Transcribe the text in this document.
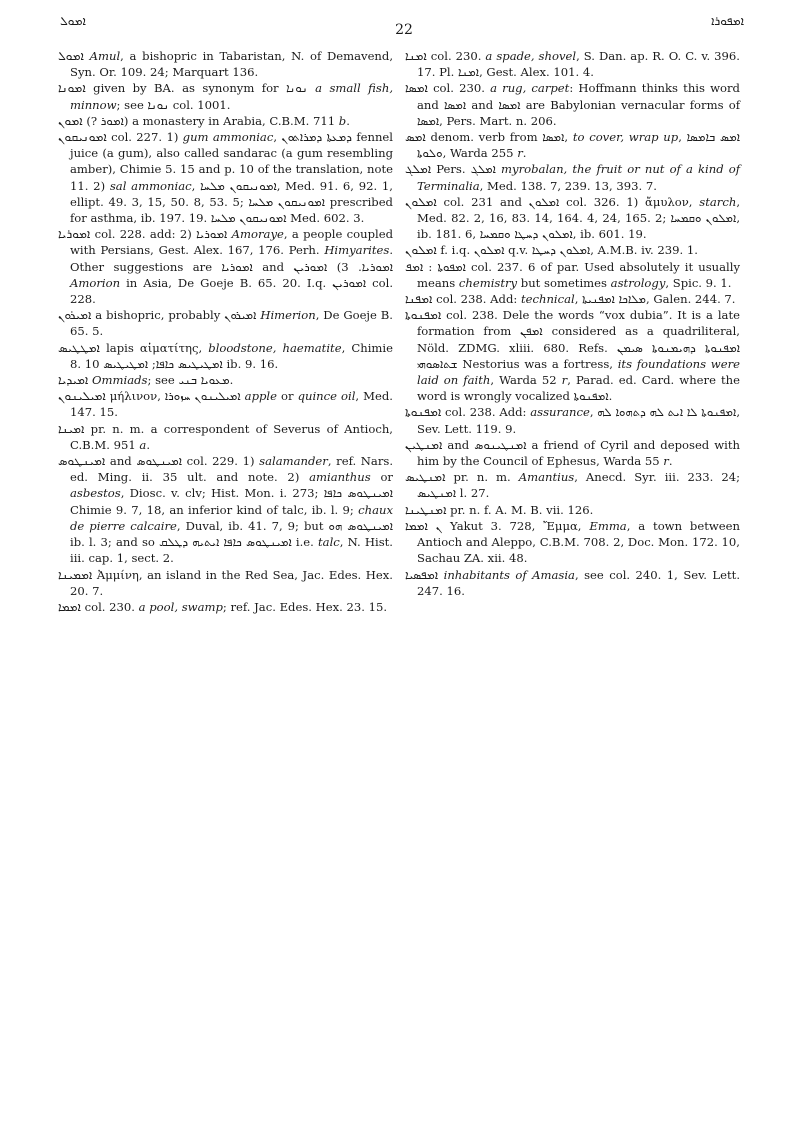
ܐܡܘܠ
22
ܐܡܦܘܪܐ

ܐܡܘܠ Amul, a bishopric in Tabaristan, N. of Demavend, Syn. Or. 109. 24; Marquart 136.

ܐܡܘܢܐ given by BA. as synonym for ܢܘܢܐ a small fish, minnow; see ܢܘܢܐ col. 1001.

ܐܡܘܢ (? ܐܡܘܪ) a monastery in Arabia, C.B.M. 711 b.

ܐܡܘܢܝܩܘܢ col. 227. 1) gum ammoniac, ܕܡܥܬܐ ܕܡܪܐܬܘܢ fennel juice (a gum), also called sandarac (a gum resembling amber), Chimie 5. 15 and p. 10 of the translation, note 11. 2) sal ammoniac, ܐܡܘܢܝܩܘܢ ܡܠܚܐ, Med. 91. 6, 92. 1, ellipt. 49. 3, 15, 50. 8, 53. 5; ܐܡܘܢܝܩܘܢ ܡܠܚܐ prescribed for asthma, ib. 197. 19. ܐܡܘܢܝܩܘܢ ܡܠܚܐ Med. 602. 3.

ܐܡܘܪܝܐ col. 228. add: 2) ܐܡܘܪܝܐ Amoraye, a people coupled with Persians, Gest. Alex. 167, 176. Perh. Himyarites. Other suggestions are ܐܡܘܪܝܐ and ܐܡܘܪܝܐ. 3) ܐܡܘܪܝܢ Amorion in Asia, De Goeje B. 65. 20. I.q. ܐܡܘܪܝܢ col. 228.

ܐܡܝܪܘܢ a bishopric, probably ܐܡܝܪܘܢ Himerion, De Goeje B. 65. 5.

ܐܡܛܛܝܣ lapis αἱματίτης, bloodstone, haematite, Chimie 8. 10 ܐܡܛܝܛܝܣ ܟܐܦܐ; ܐܡܛܝܛܝܣ ib. 9. 16.

ܐܡܝܕܝܐ Ommiads; see ܡܥܘܝܐ ܒܢܝ.

ܐܡܝܠܝܢܘܢ μήλινον, ܐܡܝܠܝܢܘܢ ܚܙܘܪܐ apple or quince oil, Med. 147. 15.

ܐܡܝܢܐ pr. n. m. a correspondent of Severus of Antioch, C.B.M. 951 a.

ܐܡܝܢܛܘܣ and ܐܡܝܢܛܘܣ col. 229. 1) salamander, ref. Nars. ed. Ming. ii. 35 ult. and note. 2) amianthus or asbestos, Diosc. v. clv; Hist. Mon. i. 273; ܐܡܝܢܛܘܣ ܟܐܦܐ Chimie 9. 7, 18, an inferior kind of talc, ib. l. 9; chaux de pierre calcaire, Duval, ib. 41. 7, 9; but ܐܡܝܢܛܘܣ ܗܘ ib. l. 3; and so ܐܡܝܢܛܘܣ ܟܐܦܐ ܐܝܬܝܗ ܕܛܠܩ i.e. talc, N. Hist. iii. cap. 1, sect. 2.

ܐܡܡܝܢܐ Ἀμμίνη, an island in the Red Sea, Jac. Edes. Hex. 20. 7.

ܐܡܡܐ col. 230. a pool, swamp; ref. Jac. Edes. Hex. 23. 15.

ܐܡܢܐ col. 230. a spade, shovel, S. Dan. ap. R. O. C. v. 396. 17. Pl. ܐܡܢܐ, Gest. Alex. 101. 4.

ܐܡܣܐ col. 230. a rug, carpet: Hoffmann thinks this word and ܐܡܣܐ and ܐܡܣܐ are Babylonian vernacular forms of ܐܡܣܐ, Pers. Mart. n. 206.

ܐܡܣ denom. verb from ܐܡܣܐ, to cover, wrap up, ܐܡܣ ܒܐܡܣܐ ܘܠܘܬܐ, Warda 255 r.

ܐܡܠܓ Pers. ܐܡܠܓ myrobalan, the fruit or nut of a kind of Terminalia, Med. 138. 7, 239. 13, 393. 7.

ܐܡܠܘܢ col. 231 and ܐܡܠܘܢ col. 326. 1) ἄμυλον, starch, Med. 82. 2, 16, 83. 14, 164. 4, 24, 165. 2; ܐܡܠܘܢ ܘܩܡܚܐ, ib. 181. 6, ܐܡܠܘܢ ܕܚܛܐ ܘܩܡܚܐ, ib. 601. 19.

ܐܡܠܘܢ f. i.q. ܐܡܠܘܢ q.v. ܐܡܠܘܢ ܕܚܛܐ, A.M.B. iv. 239. 1.

ܐܡܦ : ܐܡܦܘܬܐ col. 237. 6 of par. Used absolutely it usually means chemistry but sometimes astrology, Spic. 9. 1.

ܐܡܦܢܐ col. 238. Add: technical, ܡܠܐܟܐ ܐܡܦܢܝܬܐ, Galen. 244. 7.

ܐܡܦܢܘܬܐ col. 238. Dele the words “vox dubia”. It is a late formation from ܐܡܦܢ considered as a quadriliteral, Nöld. ZDMG. xliii. 680. Refs. ܐܡܦܢܘܬܐ ܕܗܝܡܢܘܬܐ ܣܝܡܢ ܫܬܐܣܘܗܝ Nestorius was a fortress, its foundations were laid on faith, Warda 52 r, Parad. ed. Card. where the word is wrongly vocalized ܐܡܦܢܘܬܐ.

ܐܡܦܢܘܬܐ col. 238. Add: assurance, ܐܡܦܢܘܬܐ ܠܐ ܐܝܬ ܠܗ ܕܬܗܘܐ ܠܗ, Sev. Lett. 119. 9.

ܐܡܢܛܝܢ and ܐܡܢܛܝܢܘܣ a friend of Cyril and deposed with him by the Council of Ephesus, Warda 55 r.

ܐܡܢܛܝܣ pr. n. m. Amantius, Anecd. Syr. iii. 233. 24; ܐܡܢܛܝܣ l. 27.

ܐܡܢܛܝܢܐ pr. n. f. A. M. B. vii. 126.

ܐܡܡܐ ܢ Yakut 3. 728, Ἔμμα, Emma, a town between Antioch and Aleppo, C.B.M. 708. 2, Doc. Mon. 172. 10, Sachau ZA. xii. 48.

ܐܡܦܣܝܐ inhabitants of Amasia, see col. 240. 1, Sev. Lett. 247. 16.
